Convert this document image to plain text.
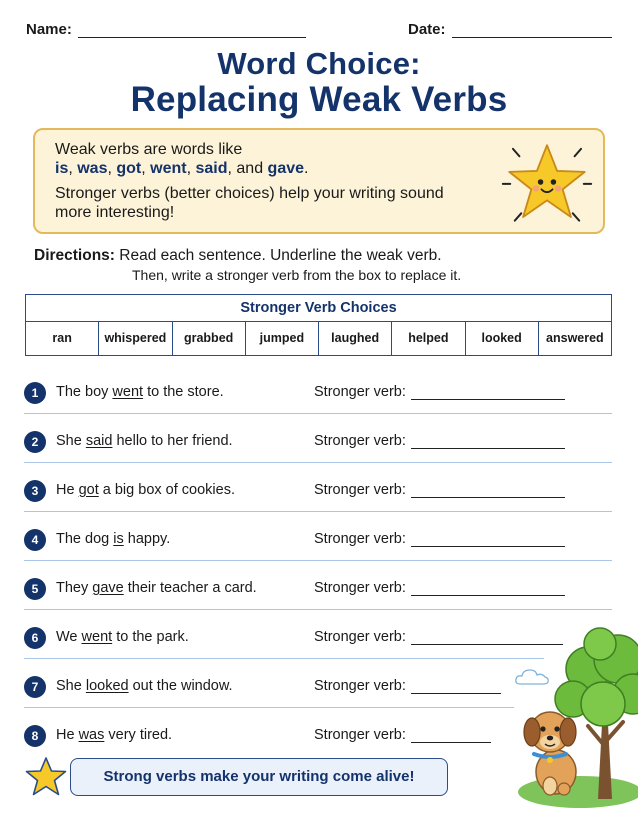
Name:	Date:
Word Choice:
Replacing Weak Verbs

Weak verbs are words like

is, was, got, went, said, and gave.

Stronger verbs (better choices) help your writing sound more interesting!

Directions: Read each sentence. Underline the weak verb.
Then, write a stronger verb from the box to replace it.
Stronger Verb Choices
ran	whispered	grabbed	jumped	laughed	helped	looked	answered
1	The boy went to the store.	Stronger verb:
2	She said hello to her friend.	Stronger verb:
3	He got a big box of cookies.	Stronger verb:
4	The dog is happy.	Stronger verb:
5	They gave their teacher a card.	Stronger verb:
6	We went to the park.	Stronger verb:
7	She looked out the window.	Stronger verb:
8	He was very tired.	Stronger verb:
Strong verbs make your writing come alive!
